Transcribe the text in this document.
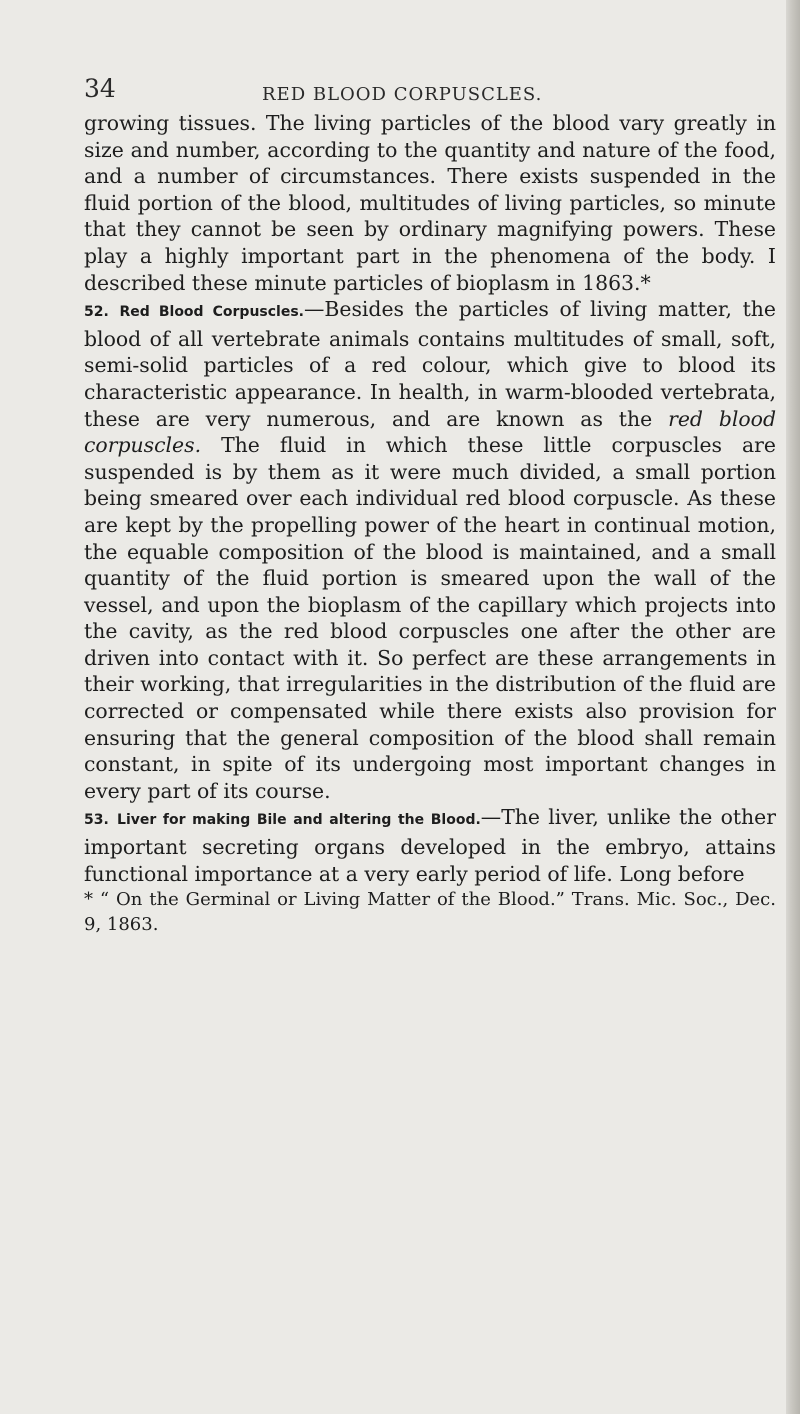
34	RED BLOOD CORPUSCLES.

growing tissues. The living particles of the blood vary greatly in size and number, according to the quantity and nature of the food, and a number of circumstances. There exists suspended in the fluid portion of the blood, multitudes of living particles, so minute that they cannot be seen by ordinary magnifying powers. These play a highly important part in the phenomena of the body. I described these minute particles of bioplasm in 1863.*

52. Red Blood Corpuscles.—Besides the particles of living matter, the blood of all vertebrate animals contains multitudes of small, soft, semi-solid particles of a red colour, which give to blood its characteristic appearance. In health, in warm-blooded vertebrata, these are very numerous, and are known as the red blood corpuscles. The fluid in which these little corpuscles are suspended is by them as it were much divided, a small portion being smeared over each individual red blood corpuscle. As these are kept by the propelling power of the heart in continual motion, the equable composition of the blood is maintained, and a small quantity of the fluid portion is smeared upon the wall of the vessel, and upon the bioplasm of the capillary which projects into the cavity, as the red blood corpuscles one after the other are driven into contact with it. So perfect are these arrangements in their working, that irregularities in the distribution of the fluid are corrected or compensated while there exists also provision for ensuring that the general composition of the blood shall remain constant, in spite of its undergoing most important changes in every part of its course.

53. Liver for making Bile and altering the Blood.—The liver, unlike the other important secreting organs developed in the embryo, attains functional importance at a very early period of life. Long before

* “ On the Germinal or Living Matter of the Blood.” Trans. Mic. Soc., Dec. 9, 1863.
